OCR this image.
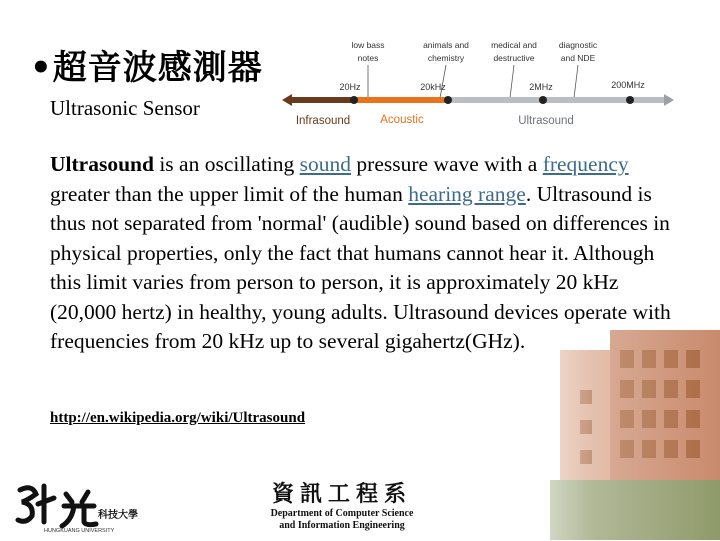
•超音波感測器
Ultrasonic Sensor
low bass
notes
animals and
chemistry
medical and
destructive
diagnostic
and NDE
20Hz	20kHz	2MHz	200MHz
Infrasound	Acoustic	Ultrasound

Ultrasound is an oscillating sound pressure wave with a frequency greater than the upper limit of the human hearing range. Ultrasound is thus not separated from 'normal' (audible) sound based on differences in physical properties, only the fact that humans cannot hear it. Although this limit varies from person to person, it is approximately 20 kHz (20,000 hertz) in healthy, young adults. Ultrasound devices operate with frequencies from 20 kHz up to several gigahertz(GHz).

http://en.wikipedia.org/wiki/Ultrasound
科技大學
HUNGKUANG UNIVERSITY
資訊工程系
Department of Computer Science
and Information Engineering
